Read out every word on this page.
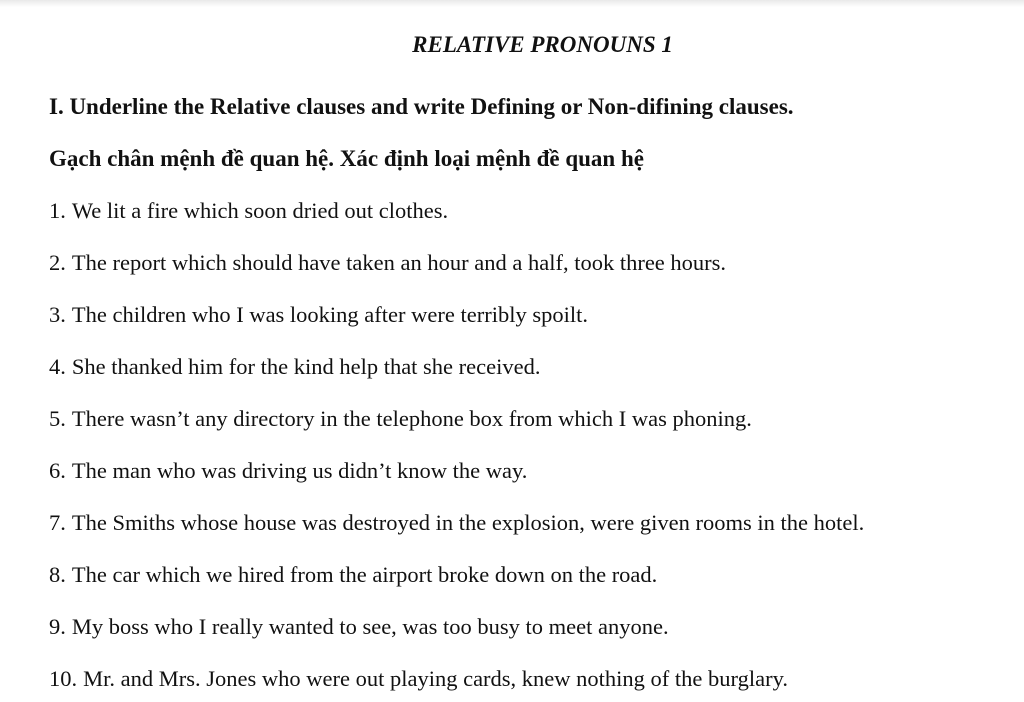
RELATIVE PRONOUNS 1
I. Underline the Relative clauses and write Defining or Non-difining clauses.
Gạch chân mệnh đề quan hệ. Xác định loại mệnh đề quan hệ
1. We lit a fire which soon dried out clothes.
2. The report which should have taken an hour and a half, took three hours.
3. The children who I was looking after were terribly spoilt.
4. She thanked him for the kind help that she received.
5. There wasn’t any directory in the telephone box from which I was phoning.
6. The man who was driving us didn’t know the way.
7. The Smiths whose house was destroyed in the explosion, were given rooms in the hotel.
8. The car which we hired from the airport broke down on the road.
9. My boss who I really wanted to see, was too busy to meet anyone.
10. Mr. and Mrs. Jones who were out playing cards, knew nothing of the burglary.
